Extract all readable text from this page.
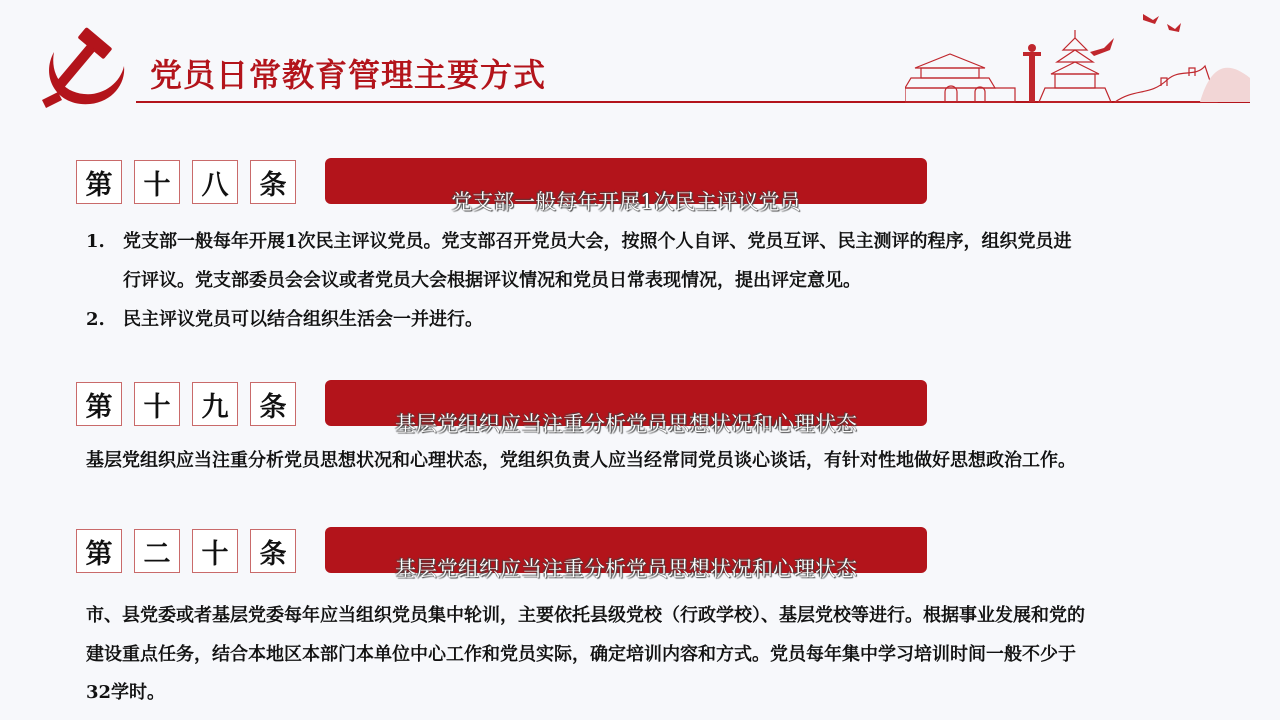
党员日常教育管理主要方式
第	十	八	条
党支部一般每年开展1次民主评议党员
1.	党支部一般每年开展1次民主评议党员。党支部召开党员大会，按照个人自评、党员互评、民主测评的程序，组织党员进行评议。党支部委员会会议或者党员大会根据评议情况和党员日常表现情况，提出评定意见。
2.	民主评议党员可以结合组织生活会一并进行。
第	十	九	条
基层党组织应当注重分析党员思想状况和心理状态

基层党组织应当注重分析党员思想状况和心理状态，党组织负责人应当经常同党员谈心谈话，有针对性地做好思想政治工作。

第	二	十	条	基层党组织应当注重分析党员思想状况和心理状态

市、县党委或者基层党委每年应当组织党员集中轮训，主要依托县级党校（行政学校）、基层党校等进行。根据事业发展和党的建设重点任务，结合本地区本部门本单位中心工作和党员实际，确定培训内容和方式。党员每年集中学习培训时间一般不少于32学时。
